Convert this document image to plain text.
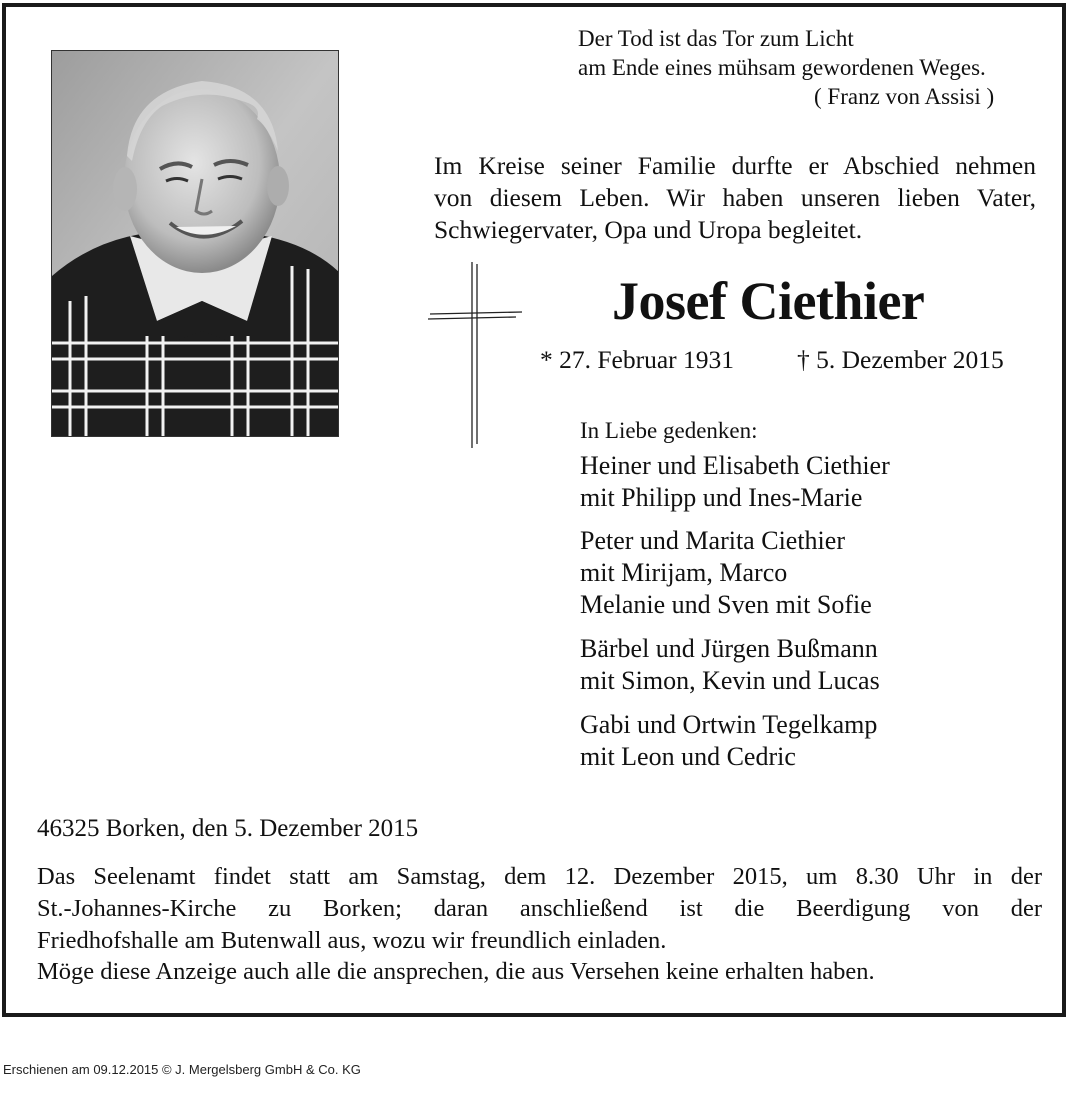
Der Tod ist das Tor zum Licht
am Ende eines mühsam gewordenen Weges.
( Franz von Assisi )
Im Kreise seiner Familie durfte er Abschied nehmen
von diesem Leben. Wir haben unseren lieben Vater,
Schwiegervater, Opa und Uropa begleitet.
Josef Ciethier
* 27. Februar 1931 † 5. Dezember 2015
In Liebe gedenken:
Heiner und Elisabeth Ciethier
mit Philipp und Ines-Marie
Peter und Marita Ciethier
mit Mirijam, Marco
Melanie und Sven mit Sofie
Bärbel und Jürgen Bußmann
mit Simon, Kevin und Lucas
Gabi und Ortwin Tegelkamp
mit Leon und Cedric
46325 Borken, den 5. Dezember 2015
Das Seelenamt findet statt am Samstag, dem 12. Dezember 2015, um 8.30 Uhr in der
St.-Johannes-Kirche zu Borken; daran anschließend ist die Beerdigung von der
Friedhofshalle am Butenwall aus, wozu wir freundlich einladen.
Möge diese Anzeige auch alle die ansprechen, die aus Versehen keine erhalten haben.
Erschienen am 09.12.2015 © J. Mergelsberg GmbH & Co. KG
